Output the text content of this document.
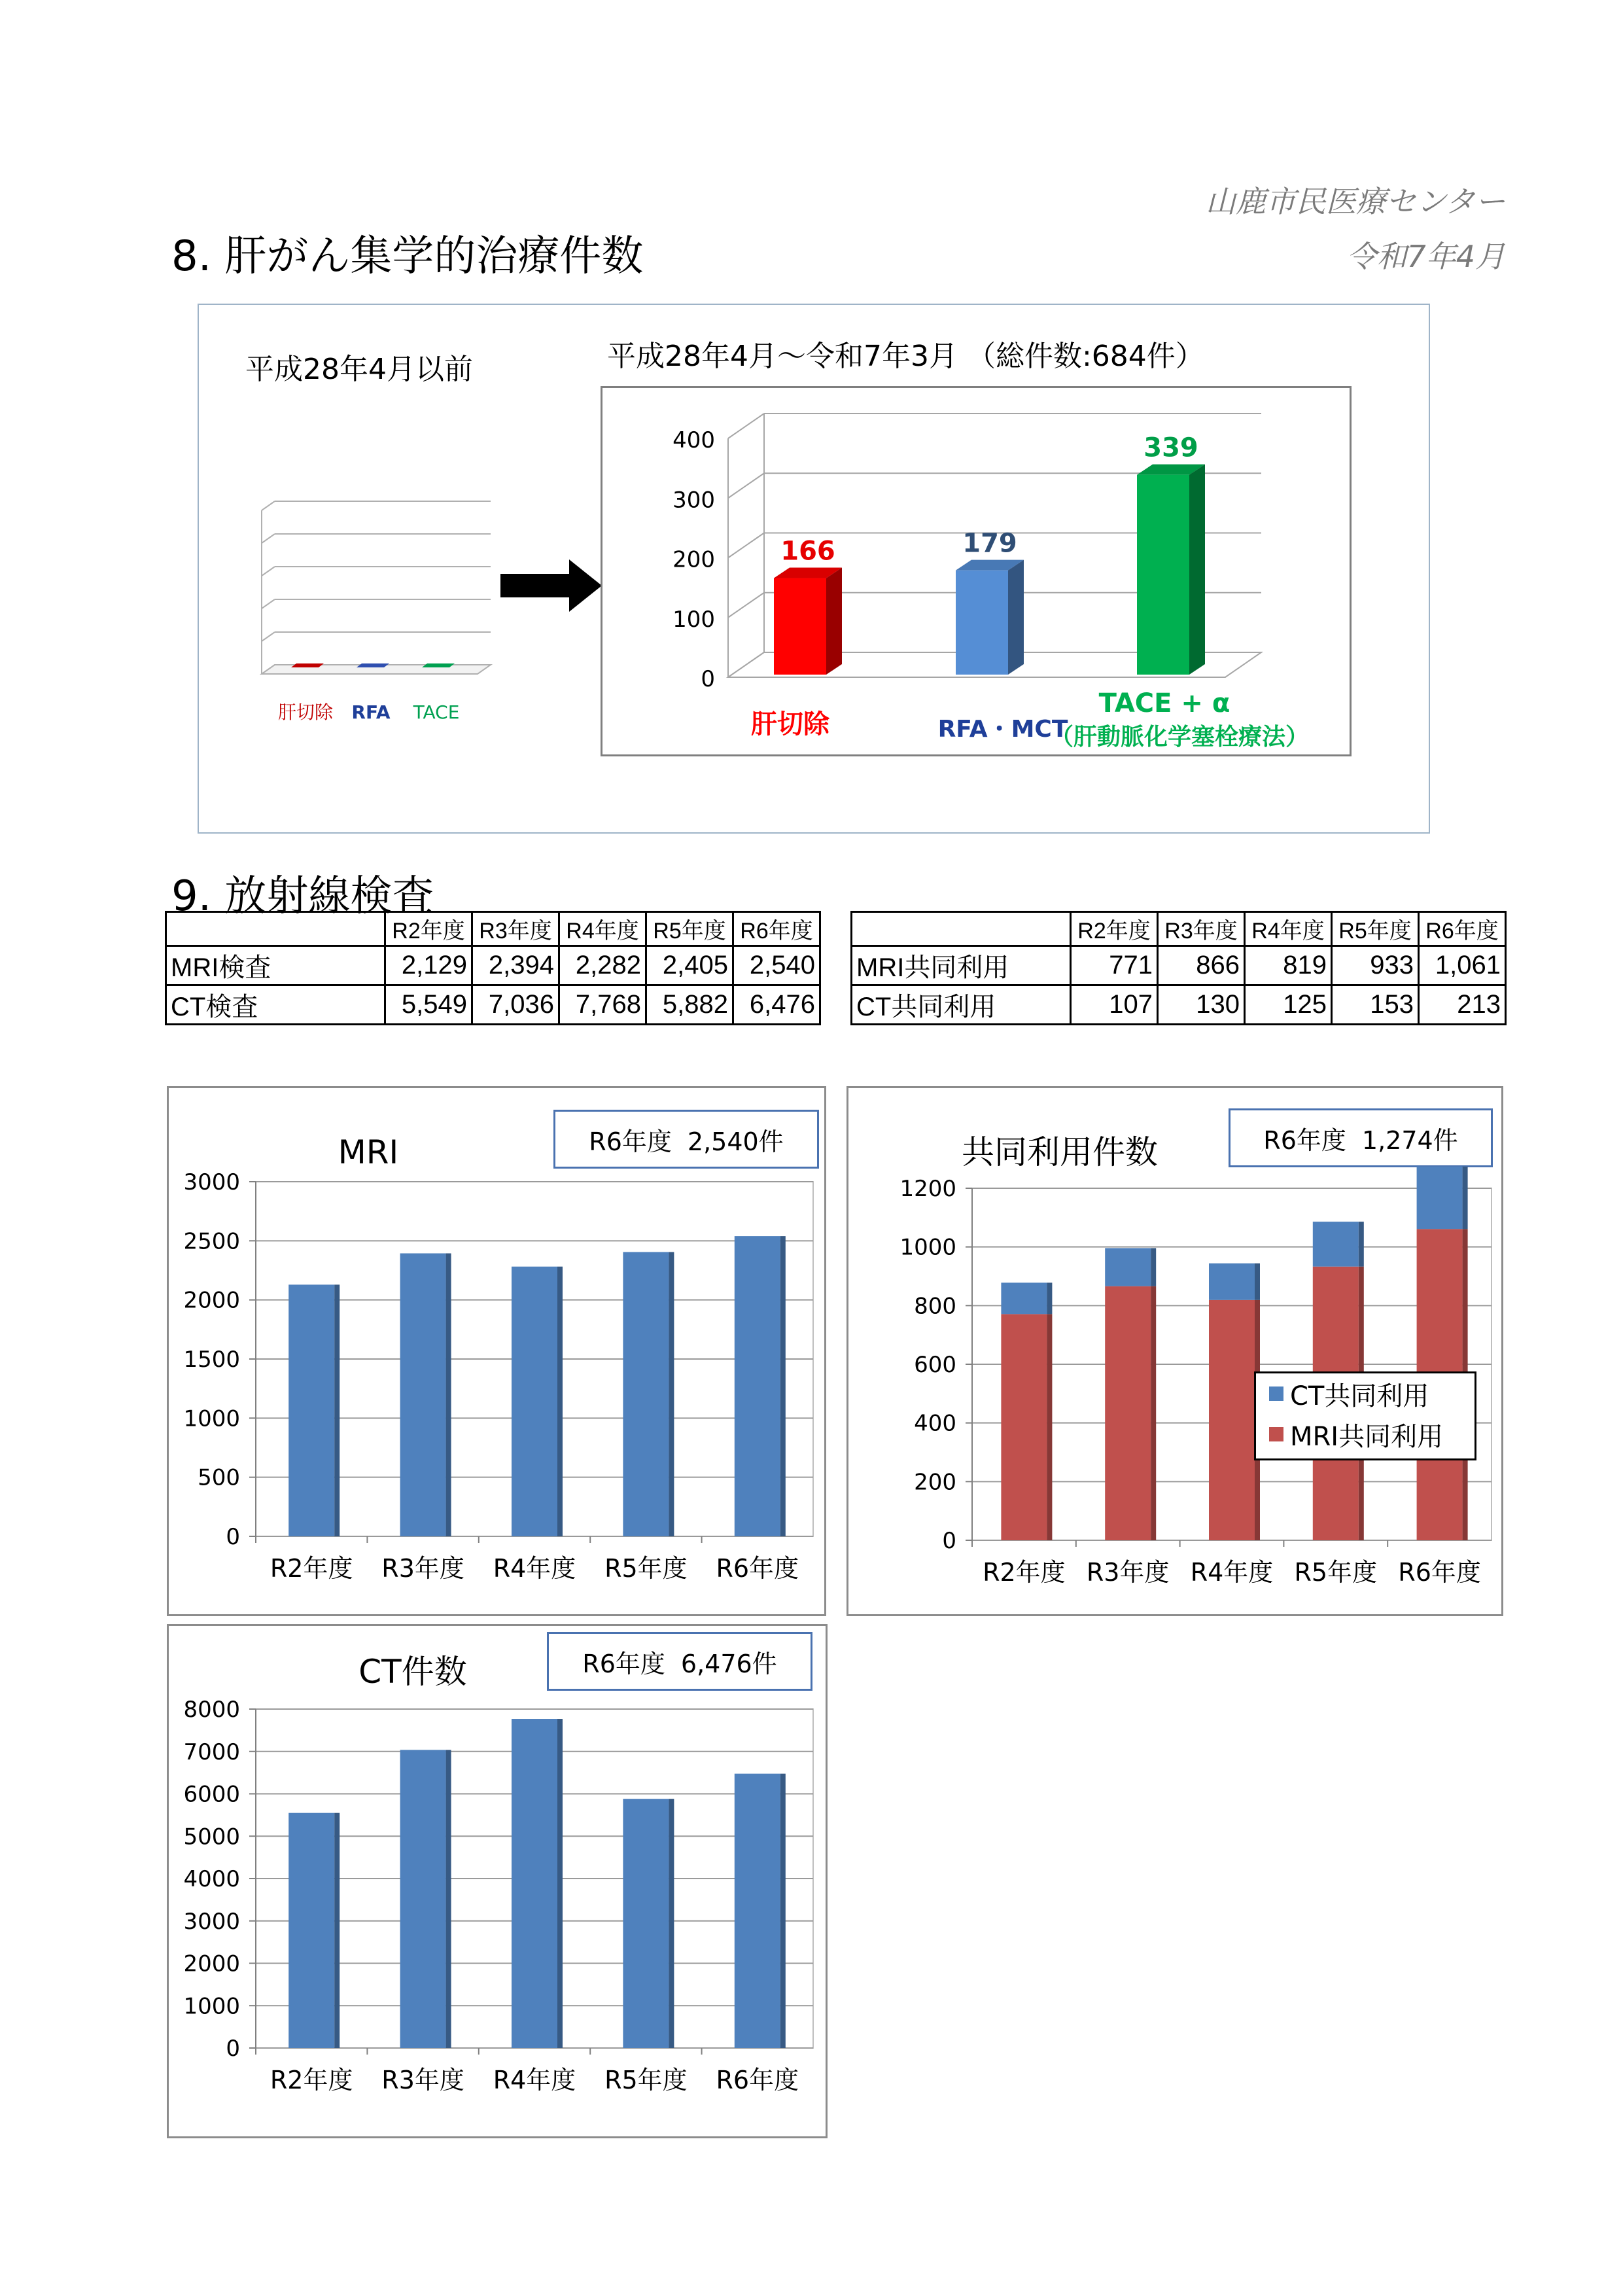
山鹿市民医療センター
令和7年4月
8. 肝がん集学的治療件数
平成28年4月以前	平成28年4月～令和7年3月 （総件数:684件）
肝切除 RFA TACE
0
100
200
300
400
166	179
339
肝切除	RFA・MCT
TACE + α
（肝動脈化学塞栓療法）
9. 放射線検査
	R2年度	R3年度	R4年度	R5年度	R6年度
MRI検査	2,129	2,394	2,282	2,405	2,540
CT検査	5,549	7,036	7,768	5,882	6,476
	R2年度	R3年度	R4年度	R5年度	R6年度
MRI共同利用	771	866	819	933	1,061
CT共同利用	107	130	125	153	213
R6年度 2,540件
MRI
0
500
1000
1500
2000
2500
3000
R2年度 R3年度 R4年度 R5年度 R6年度
R6年度 1,274件
共同利用件数
0
200
400
600
800
1000
1200
R2年度 R3年度 R4年度 R5年度 R6年度
CT共同利用
MRI共同利用
R6年度 6,476件
CT件数
0
1000
2000
3000
4000
5000
6000
7000
8000
R2年度 R3年度 R4年度 R5年度 R6年度
